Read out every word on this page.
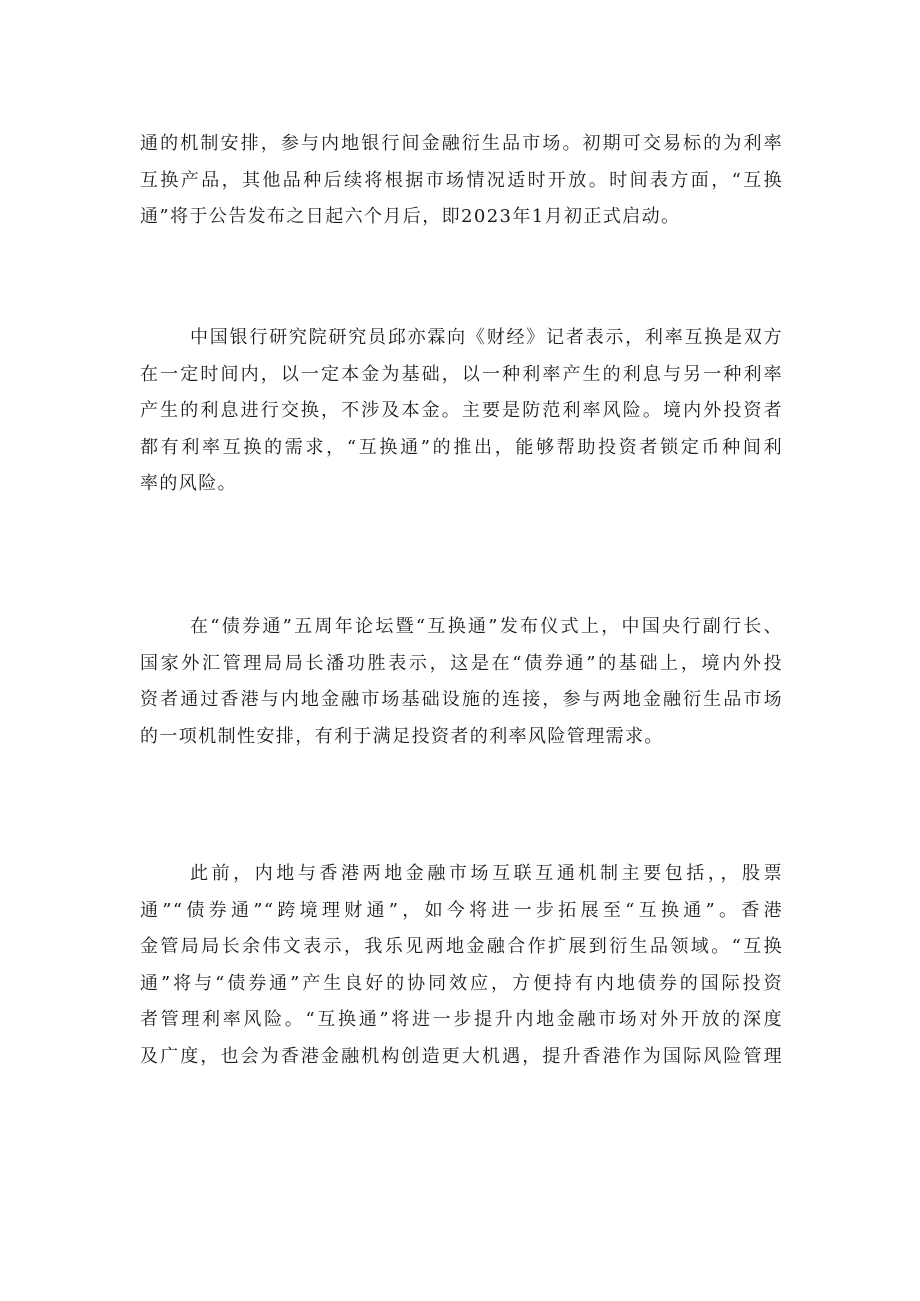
通的机制安排，参与内地银行间金融衍生品市场。初期可交易标的为利率
互换产品，其他品种后续将根据市场情况适时开放。时间表方面，“互换
通”将于公告发布之日起六个月后，即2023年1月初正式启动。
中国银行研究院研究员邱亦霖向《财经》记者表示，利率互换是双方
在一定时间内，以一定本金为基础，以一种利率产生的利息与另一种利率
产生的利息进行交换，不涉及本金。主要是防范利率风险。境内外投资者
都有利率互换的需求，“互换通”的推出，能够帮助投资者锁定币种间利
率的风险。
在“债券通”五周年论坛暨“互换通”发布仪式上，中国央行副行长、
国家外汇管理局局长潘功胜表示，这是在“债券通”的基础上，境内外投
资者通过香港与内地金融市场基础设施的连接，参与两地金融衍生品市场
的一项机制性安排，有利于满足投资者的利率风险管理需求。
此前，内地与香港两地金融市场互联互通机制主要包括，，股票
通”“债券通”“跨境理财通”，如今将进一步拓展至“互换通”。香港
金管局局长余伟文表示，我乐见两地金融合作扩展到衍生品领域。“互换
通”将与“债券通”产生良好的协同效应，方便持有内地债券的国际投资
者管理利率风险。“互换通”将进一步提升内地金融市场对外开放的深度
及广度，也会为香港金融机构创造更大机遇，提升香港作为国际风险管理
